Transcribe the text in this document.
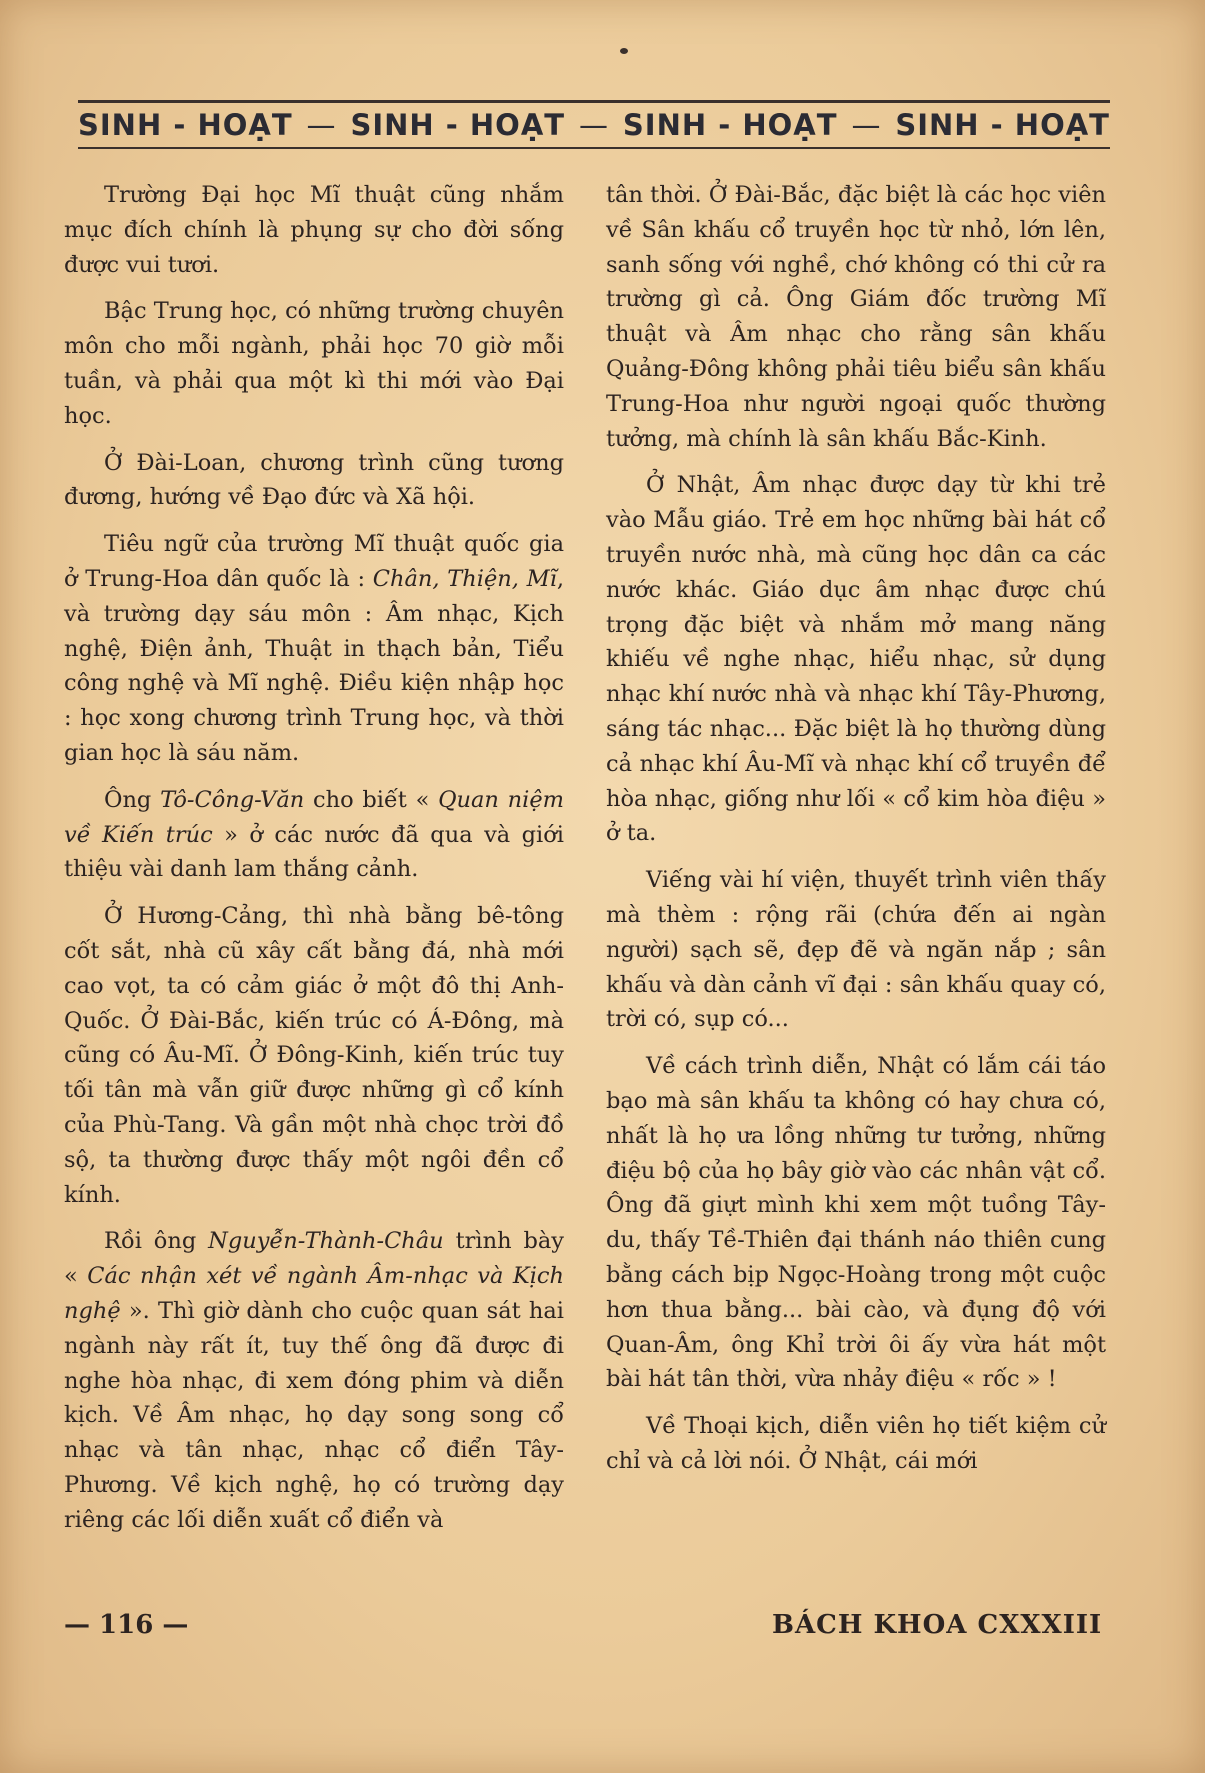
SINH - HOẠT — SINH - HOẠT — SINH - HOẠT — SINH - HOẠT

Trường Đại học Mĩ thuật cũng nhắm mục đích chính là phụng sự cho đời sống được vui tươi.

Bậc Trung học, có những trường chuyên môn cho mỗi ngành, phải học 70 giờ mỗi tuần, và phải qua một kì thi mới vào Đại học.

Ở Đài-Loan, chương trình cũng tương đương, hướng về Đạo đức và Xã hội.

Tiêu ngữ của trường Mĩ thuật quốc gia ở Trung-Hoa dân quốc là : Chân, Thiện, Mĩ, và trường dạy sáu môn : Âm nhạc, Kịch nghệ, Điện ảnh, Thuật in thạch bản, Tiểu công nghệ và Mĩ nghệ. Điều kiện nhập học : học xong chương trình Trung học, và thời gian học là sáu năm.

Ông Tô-Công-Văn cho biết « Quan niệm về Kiến trúc » ở các nước đã qua và giới thiệu vài danh lam thắng cảnh.

Ở Hương-Cảng, thì nhà bằng bê-tông cốt sắt, nhà cũ xây cất bằng đá, nhà mới cao vọt, ta có cảm giác ở một đô thị Anh-Quốc. Ở Đài-Bắc, kiến trúc có Á-Đông, mà cũng có Âu-Mĩ. Ở Đông-Kinh, kiến trúc tuy tối tân mà vẫn giữ được những gì cổ kính của Phù-Tang. Và gần một nhà chọc trời đồ sộ, ta thường được thấy một ngôi đền cổ kính.

Rồi ông Nguyễn-Thành-Châu trình bày « Các nhận xét về ngành Âm-nhạc và Kịch nghệ ». Thì giờ dành cho cuộc quan sát hai ngành này rất ít, tuy thế ông đã được đi nghe hòa nhạc, đi xem đóng phim và diễn kịch. Về Âm nhạc, họ dạy song song cổ nhạc và tân nhạc, nhạc cổ điển Tây-Phương. Về kịch nghệ, họ có trường dạy riêng các lối diễn xuất cổ điển và

tân thời. Ở Đài-Bắc, đặc biệt là các học viên về Sân khấu cổ truyền học từ nhỏ, lớn lên, sanh sống với nghề, chớ không có thi cử ra trường gì cả. Ông Giám đốc trường Mĩ thuật và Âm nhạc cho rằng sân khấu Quảng-Đông không phải tiêu biểu sân khấu Trung-Hoa như người ngoại quốc thường tưởng, mà chính là sân khấu Bắc-Kinh.

Ở Nhật, Âm nhạc được dạy từ khi trẻ vào Mẫu giáo. Trẻ em học những bài hát cổ truyền nước nhà, mà cũng học dân ca các nước khác. Giáo dục âm nhạc được chú trọng đặc biệt và nhắm mở mang năng khiếu về nghe nhạc, hiểu nhạc, sử dụng nhạc khí nước nhà và nhạc khí Tây-Phương, sáng tác nhạc... Đặc biệt là họ thường dùng cả nhạc khí Âu-Mĩ và nhạc khí cổ truyền để hòa nhạc, giống như lối « cổ kim hòa điệu » ở ta.

Viếng vài hí viện, thuyết trình viên thấy mà thèm : rộng rãi (chứa đến ai ngàn người) sạch sẽ, đẹp đẽ và ngăn nắp ; sân khấu và dàn cảnh vĩ đại : sân khấu quay có, trời có, sụp có...

Về cách trình diễn, Nhật có lắm cái táo bạo mà sân khấu ta không có hay chưa có, nhất là họ ưa lồng những tư tưởng, những điệu bộ của họ bây giờ vào các nhân vật cổ. Ông đã giựt mình khi xem một tuồng Tây-du, thấy Tề-Thiên đại thánh náo thiên cung bằng cách bịp Ngọc-Hoàng trong một cuộc hơn thua bằng... bài cào, và đụng độ với Quan-Âm, ông Khỉ trời ôi ấy vừa hát một bài hát tân thời, vừa nhảy điệu « rốc » !

Về Thoại kịch, diễn viên họ tiết kiệm cử chỉ và cả lời nói. Ở Nhật, cái mới

— 116 —	BÁCH KHOA CXXXIII
